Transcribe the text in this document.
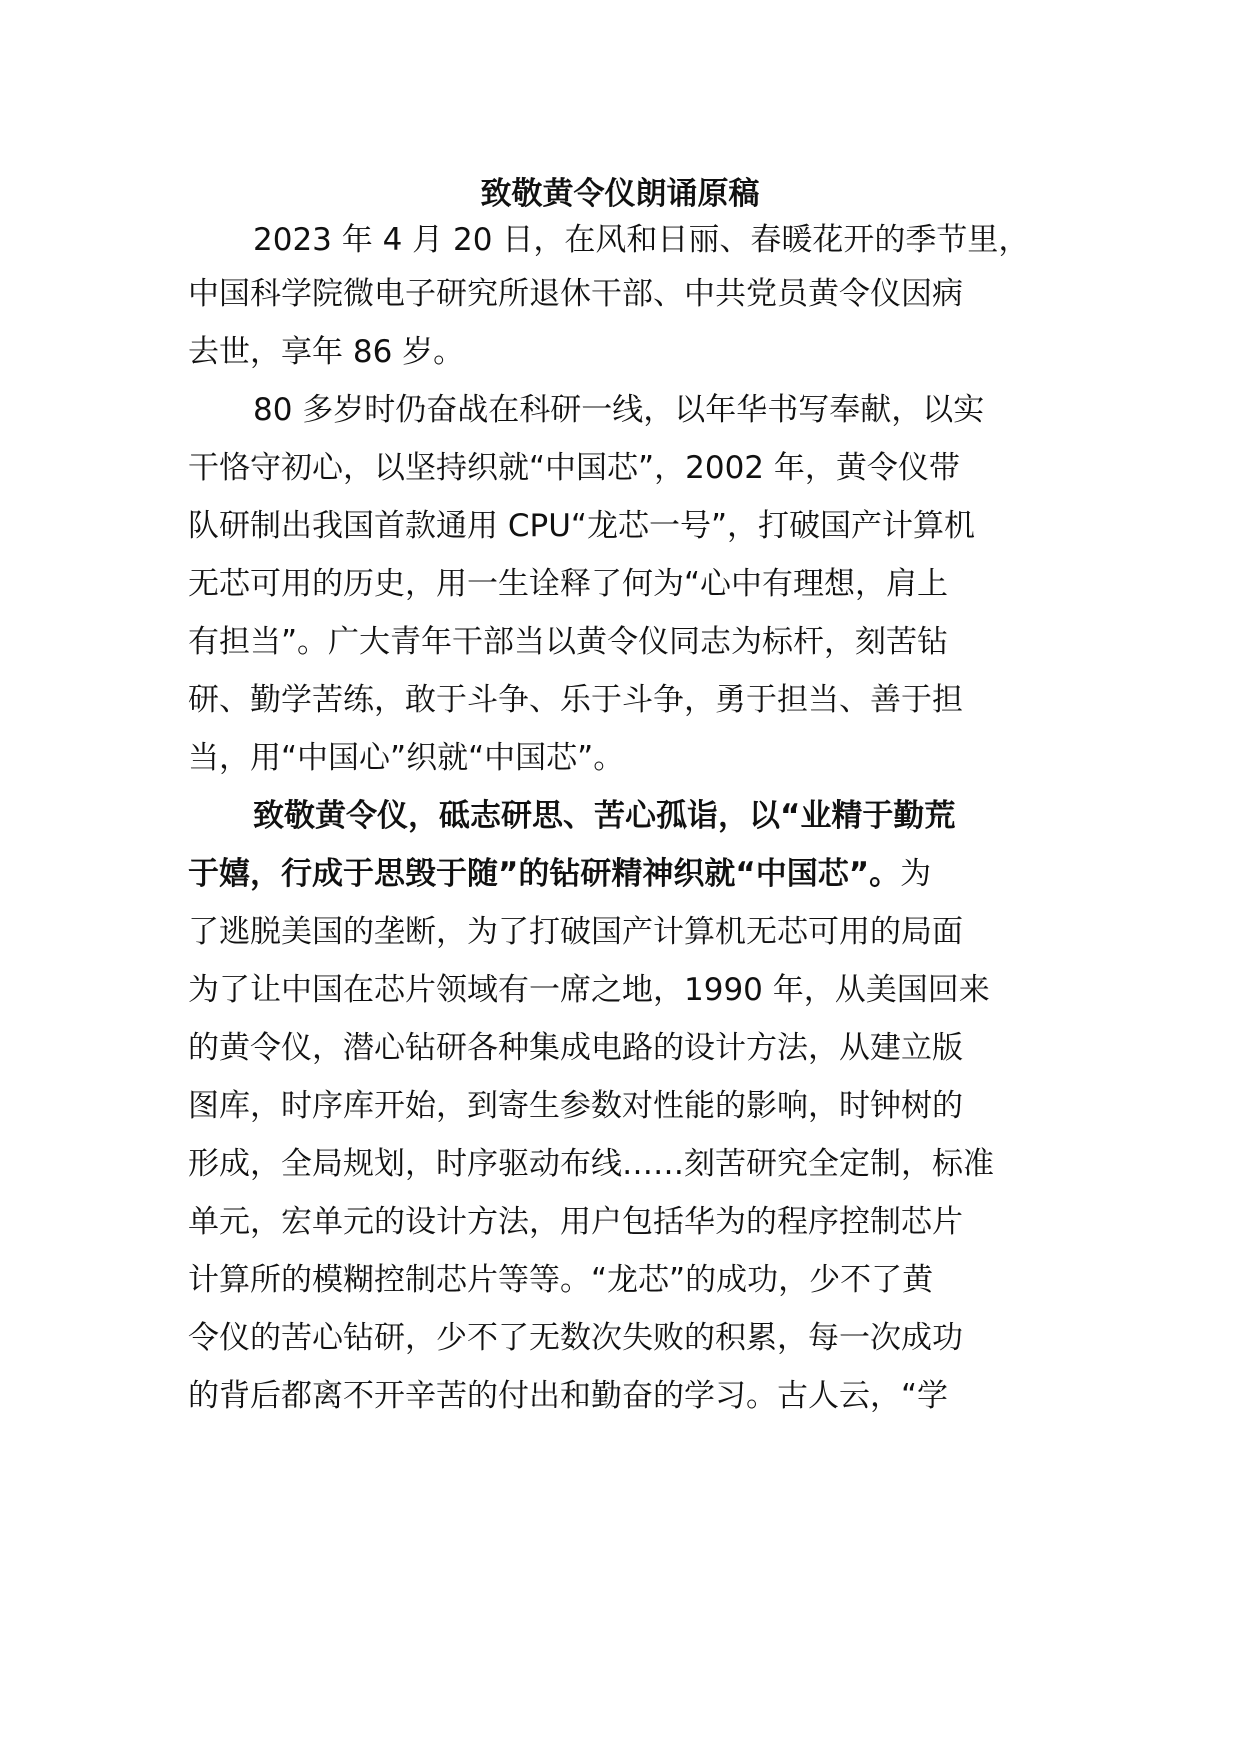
致敬黄令仪朗诵原稿
2023 年 4 月 20 日，在风和日丽、春暖花开的季节里，
中国科学院微电子研究所退休干部、中共党员黄令仪因病
去世，享年 86 岁。
80 多岁时仍奋战在科研一线，以年华书写奉献，以实
干恪守初心，以坚持织就“中国芯”，2002 年，黄令仪带
队研制出我国首款通用 CPU“龙芯一号”，打破国产计算机
无芯可用的历史，用一生诠释了何为“心中有理想，肩上
有担当”。广大青年干部当以黄令仪同志为标杆，刻苦钻
研、勤学苦练，敢于斗争、乐于斗争，勇于担当、善于担
当，用“中国心”织就“中国芯”。
致敬黄令仪，砥志研思、苦心孤诣，以“业精于勤荒
于嬉，行成于思毁于随”的钻研精神织就“中国芯”。为
了逃脱美国的垄断，为了打破国产计算机无芯可用的局面
为了让中国在芯片领域有一席之地，1990 年，从美国回来
的黄令仪，潜心钻研各种集成电路的设计方法，从建立版
图库，时序库开始，到寄生参数对性能的影响，时钟树的
形成，全局规划，时序驱动布线……刻苦研究全定制，标准
单元，宏单元的设计方法，用户包括华为的程序控制芯片
计算所的模糊控制芯片等等。“龙芯”的成功，少不了黄
令仪的苦心钻研，少不了无数次失败的积累，每一次成功
的背后都离不开辛苦的付出和勤奋的学习。古人云，“学
